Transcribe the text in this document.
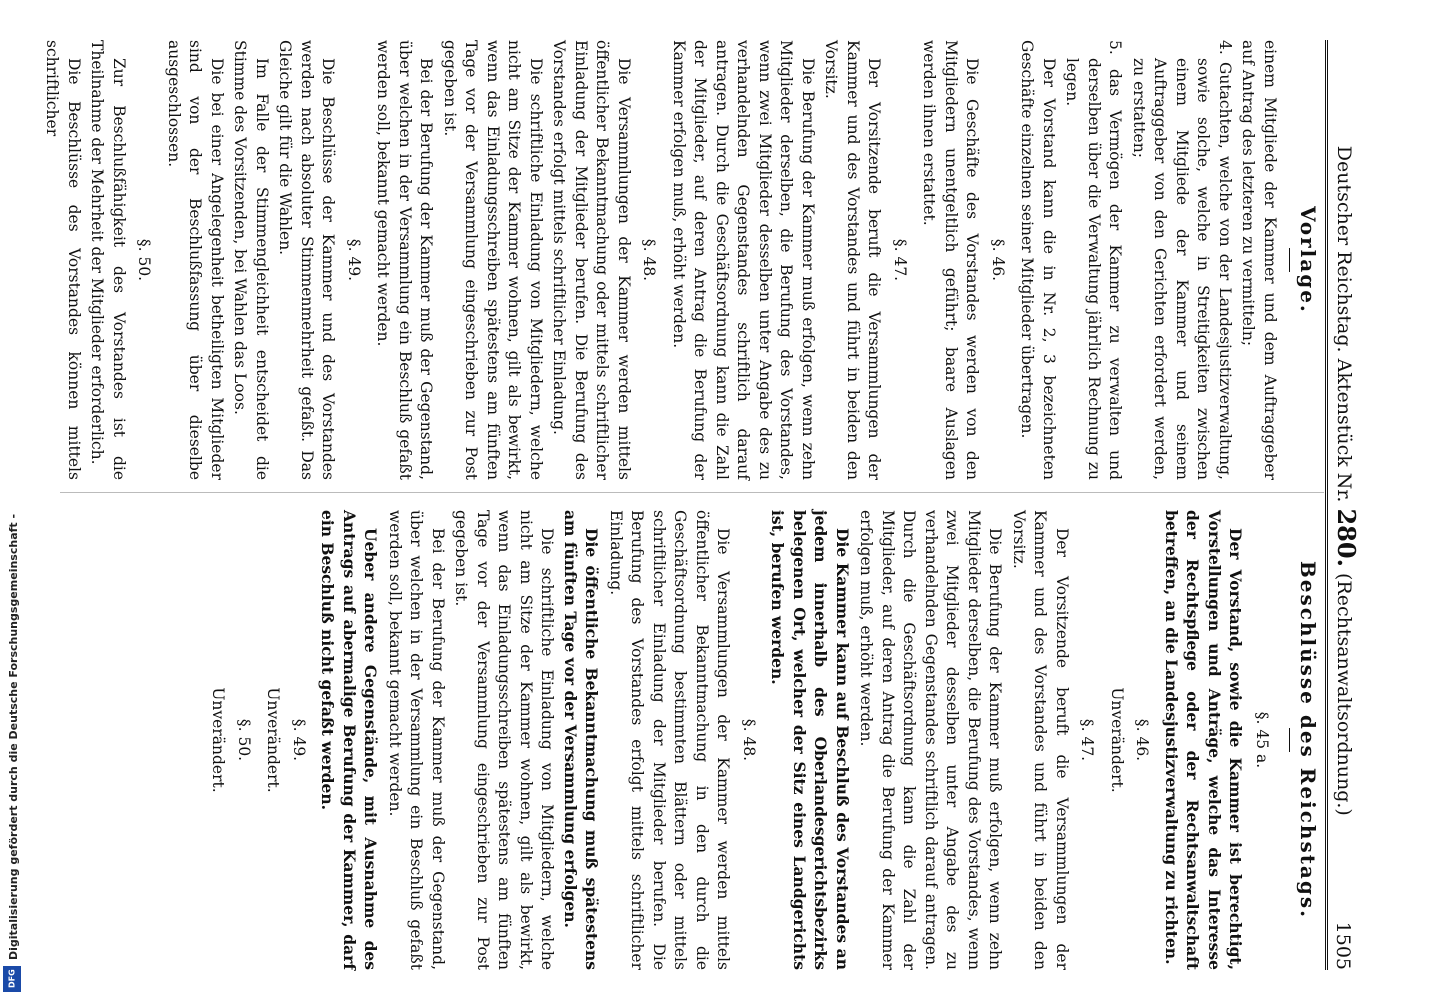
Deutscher Reichstag. Aktenstück Nr. 280. (Rechtsanwaltsordnung.)
1505
Vorlage.
Beschlüsse des Reichstags.

einem Mitgliede der Kammer und dem Auftraggeber auf Antrag des letzteren zu vermitteln;

4. Gutachten, welche von der Landesjustizverwaltung, sowie solche, welche in Streitigkeiten zwischen einem Mitgliede der Kammer und seinem Auftraggeber von den Gerichten erfordert werden, zu erstatten;

5. das Vermögen der Kammer zu verwalten und derselben über die Verwaltung jährlich Rechnung zu legen.

Der Vorstand kann die in Nr. 2, 3 bezeichneten Geschäfte einzelnen seiner Mitglieder übertragen.

§. 46.

Die Geschäfte des Vorstandes werden von den Mitgliedern unentgeltlich geführt; baare Auslagen werden ihnen erstattet.

§. 47.

Der Vorsitzende beruft die Versammlungen der Kammer und des Vorstandes und führt in beiden den Vorsitz.

Die Berufung der Kammer muß erfolgen, wenn zehn Mitglieder derselben, die Berufung des Vorstandes, wenn zwei Mitglieder desselben unter Angabe des zu verhandelnden Gegenstandes schriftlich darauf antragen. Durch die Geschäftsordnung kann die Zahl der Mitglieder, auf deren Antrag die Berufung der Kammer erfolgen muß, erhöht werden.

§. 48.

Die Versammlungen der Kammer werden mittels öffentlicher Bekanntmachung oder mittels schriftlicher Einladung der Mitglieder berufen. Die Berufung des Vorstandes erfolgt mittels schriftlicher Einladung.

Die schriftliche Einladung von Mitgliedern, welche nicht am Sitze der Kammer wohnen, gilt als bewirkt, wenn das Einladungsschreiben spätestens am fünften Tage vor der Versammlung eingeschrieben zur Post gegeben ist.

Bei der Berufung der Kammer muß der Gegenstand, über welchen in der Versammlung ein Beschluß gefaßt werden soll, bekannt gemacht werden.

§. 49.

Die Beschlüsse der Kammer und des Vorstandes werden nach absoluter Stimmenmehrheit gefaßt. Das Gleiche gilt für die Wahlen.

Im Falle der Stimmengleichheit entscheidet die Stimme des Vorsitzenden, bei Wahlen das Loos.

Die bei einer Angelegenheit betheiligten Mitglieder sind von der Beschlußfassung über dieselbe ausgeschlossen.

§. 50.

Zur Beschlußfähigkeit des Vorstandes ist die Theilnahme der Mehrheit der Mitglieder erforderlich.

Die Beschlüsse des Vorstandes können mittels schriftlicher

§. 45 a.

Der Vorstand, sowie die Kammer ist berechtigt, Vorstellungen und Anträge, welche das Interesse der Rechtspflege oder der Rechtsanwaltschaft betreffen, an die Landesjustizverwaltung zu richten.

§. 46.
Unverändert.
§. 47.

Der Vorsitzende beruft die Versammlungen der Kammer und des Vorstandes und führt in beiden den Vorsitz.

Die Berufung der Kammer muß erfolgen, wenn zehn Mitglieder derselben, die Berufung des Vorstandes, wenn zwei Mitglieder desselben unter Angabe des zu verhandelnden Gegenstandes schriftlich darauf antragen. Durch die Geschäftsordnung kann die Zahl der Mitglieder, auf deren Antrag die Berufung der Kammer erfolgen muß, erhöht werden.

Die Kammer kann auf Beschluß des Vorstandes an jedem innerhalb des Oberlandesgerichtsbezirks belegenen Ort, welcher der Sitz eines Landgerichts ist, berufen werden.

§. 48.

Die Versammlungen der Kammer werden mittels öffentlicher Bekanntmachung in den durch die Geschäftsordnung bestimmten Blättern oder mittels schriftlicher Einladung der Mitglieder berufen. Die Berufung des Vorstandes erfolgt mittels schriftlicher Einladung.

Die öffentliche Bekanntmachung muß spätestens am fünften Tage vor der Versammlung erfolgen.

Die schriftliche Einladung von Mitgliedern, welche nicht am Sitze der Kammer wohnen, gilt als bewirkt, wenn das Einladungsschreiben spätestens am fünften Tage vor der Versammlung eingeschrieben zur Post gegeben ist.

Bei der Berufung der Kammer muß der Gegenstand, über welchen in der Versammlung ein Beschluß gefaßt werden soll, bekannt gemacht werden.

Ueber andere Gegenstände, mit Ausnahme des Antrags auf abermalige Berufung der Kammer, darf ein Beschluß nicht gefaßt werden.

§. 49.
Unverändert.
§. 50.
Unverändert.
Digitalisierung gefördert durch die Deutsche Forschungsgemeinschaft -
DFG
